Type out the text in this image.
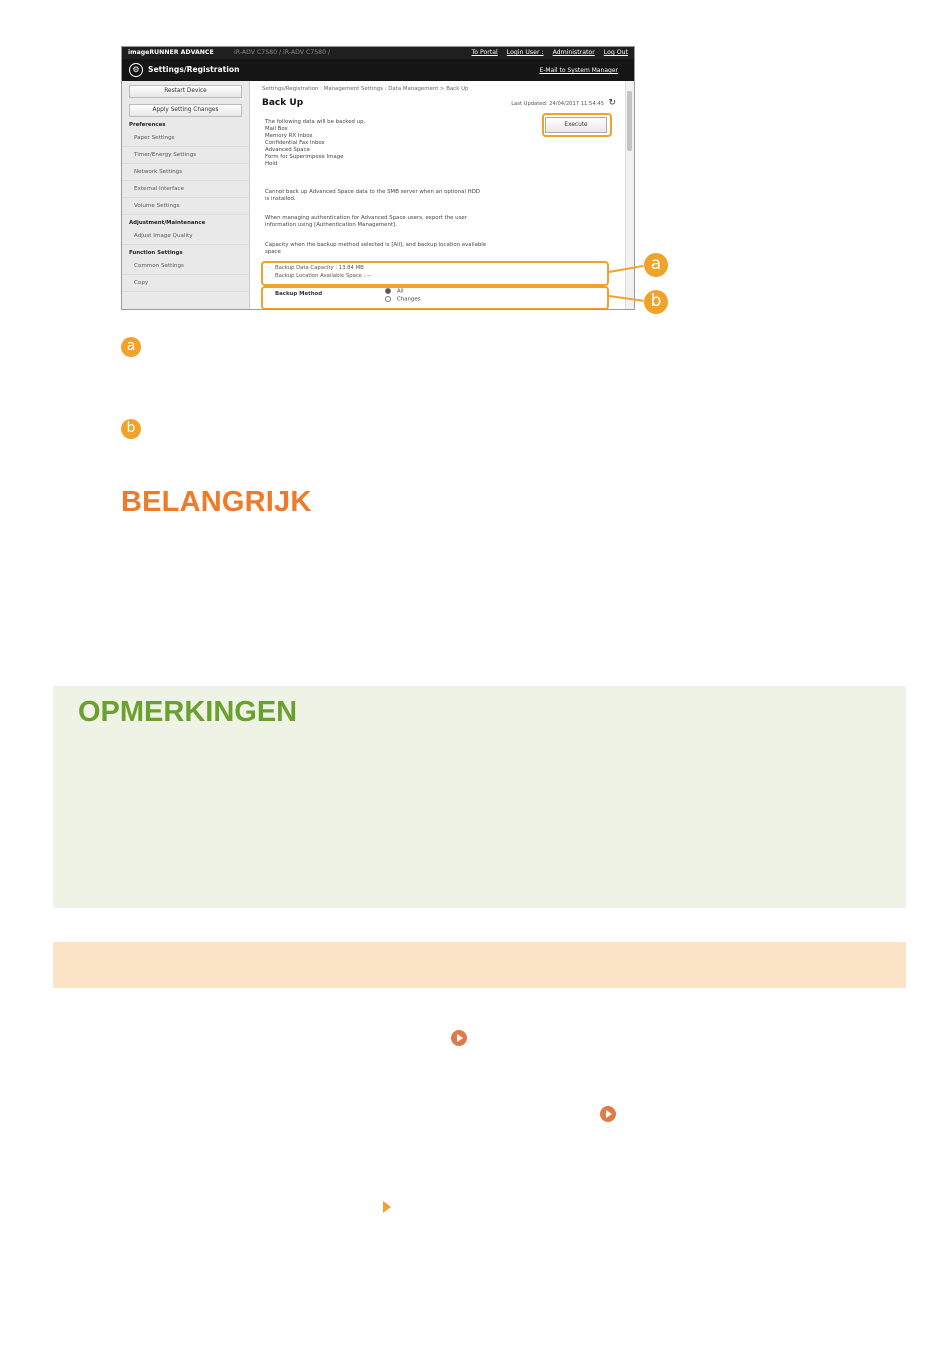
imageRUNNER ADVANCE	iR-ADV C7580 / iR-ADV C7580 /	To Portal Login User : Administrator Log Out
⚙	Settings/Registration	E-Mail to System Manager
Restart Device
Apply Setting Changes
Preferences
Paper Settings
Timer/Energy Settings
Network Settings
External Interface
Volume Settings
Adjustment/Maintenance
Adjust Image Quality
Function Settings
Common Settings
Copy
Settings/Registration : Management Settings : Data Management > Back Up
Back Up	Last Updated: 24/04/2017 11:54:45 ↻
Execute
The following data will be backed up.
Mail Box
Memory RX Inbox
Confidential Fax Inbox
Advanced Space
Form for Superimpose Image
Hold
Cannot back up Advanced Space data to the SMB server when an optional HDD
is installed.
When managing authentication for Advanced Space users, export the user
information using [Authentication Management].
Capacity when the backup method selected is [All], and backup location available
space
Backup Data Capacity : 13.84 MB
Backup Location Available Space : --
Backup Method	All
Changes
a
b
a
b
BELANGRIJK
OPMERKINGEN
